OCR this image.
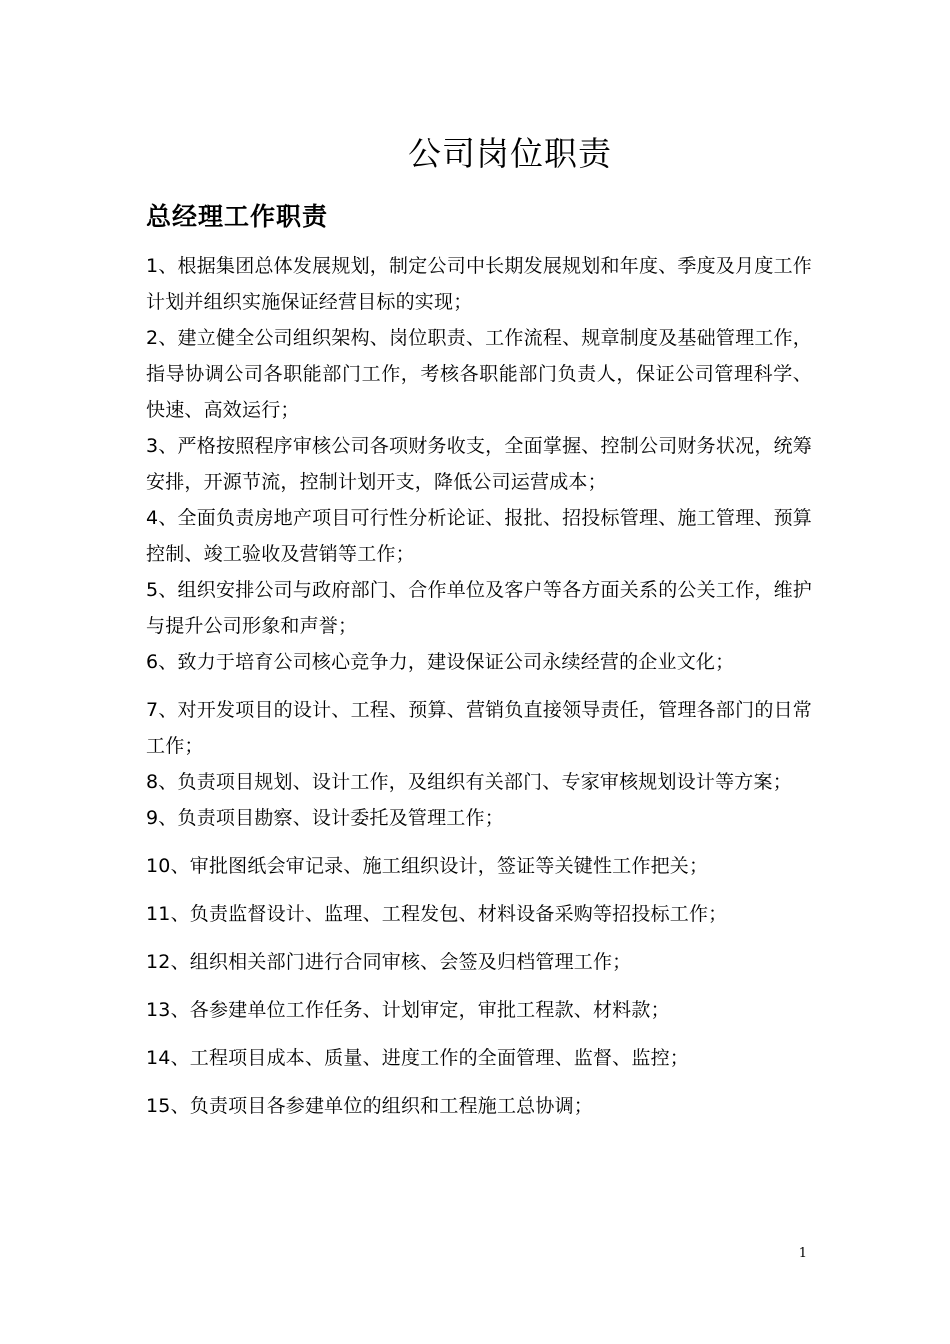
公司岗位职责
总经理工作职责
1、根据集团总体发展规划，制定公司中长期发展规划和年度、季度及月度工作计划并组织实施保证经营目标的实现；
2、建立健全公司组织架构、岗位职责、工作流程、规章制度及基础管理工作，指导协调公司各职能部门工作，考核各职能部门负责人，保证公司管理科学、快速、高效运行；
3、严格按照程序审核公司各项财务收支，全面掌握、控制公司财务状况，统筹安排，开源节流，控制计划开支，降低公司运营成本；
4、全面负责房地产项目可行性分析论证、报批、招投标管理、施工管理、预算控制、竣工验收及营销等工作；
5、组织安排公司与政府部门、合作单位及客户等各方面关系的公关工作，维护与提升公司形象和声誉；
6、致力于培育公司核心竞争力，建设保证公司永续经营的企业文化；
7、对开发项目的设计、工程、预算、营销负直接领导责任，管理各部门的日常工作；
8、负责项目规划、设计工作，及组织有关部门、专家审核规划设计等方案；
9、负责项目勘察、设计委托及管理工作；
10、审批图纸会审记录、施工组织设计，签证等关键性工作把关；
11、负责监督设计、监理、工程发包、材料设备采购等招投标工作；
12、组织相关部门进行合同审核、会签及归档管理工作；
13、各参建单位工作任务、计划审定，审批工程款、材料款；
14、工程项目成本、质量、进度工作的全面管理、监督、监控；
15、负责项目各参建单位的组织和工程施工总协调；
1
